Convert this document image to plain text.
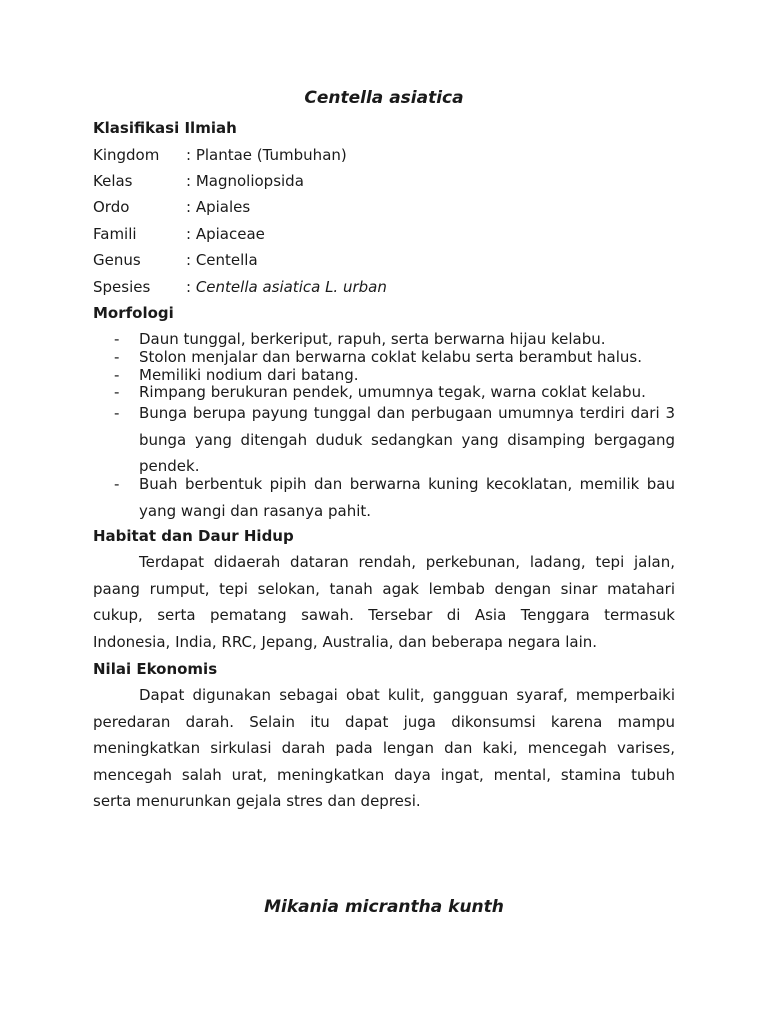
Centella asiatica
Klasifikasi Ilmiah
Kingdom : Plantae (Tumbuhan)
Kelas	: Magnoliopsida
Ordo	: Apiales
Famili	: Apiaceae
Genus	: Centella
Spesies : Centella asiatica L. urban
Morfologi
- Daun tunggal, berkeriput, rapuh, serta berwarna hijau kelabu.
- Stolon menjalar dan berwarna coklat kelabu serta berambut halus.
- Memiliki nodium dari batang.
- Rimpang berukuran pendek, umumnya tegak, warna coklat kelabu.
- Bunga berupa payung tunggal dan perbugaan umumnya terdiri dari 3 bunga yang ditengah duduk sedangkan yang disamping bergagang pendek.
- Buah berbentuk pipih dan berwarna kuning kecoklatan, memilik bau yang wangi dan rasanya pahit.
Habitat dan Daur Hidup

Terdapat didaerah dataran rendah, perkebunan, ladang, tepi jalan, paang rumput, tepi selokan, tanah agak lembab dengan sinar matahari cukup, serta pematang sawah. Tersebar di Asia Tenggara termasuk Indonesia, India, RRC, Jepang, Australia, dan beberapa negara lain.

Nilai Ekonomis

Dapat digunakan sebagai obat kulit, gangguan syaraf, memperbaiki peredaran darah. Selain itu dapat juga dikonsumsi karena mampu meningkatkan sirkulasi darah pada lengan dan kaki, mencegah varises, mencegah salah urat, meningkatkan daya ingat, mental, stamina tubuh serta menurunkan gejala stres dan depresi.

Mikania micrantha kunth
